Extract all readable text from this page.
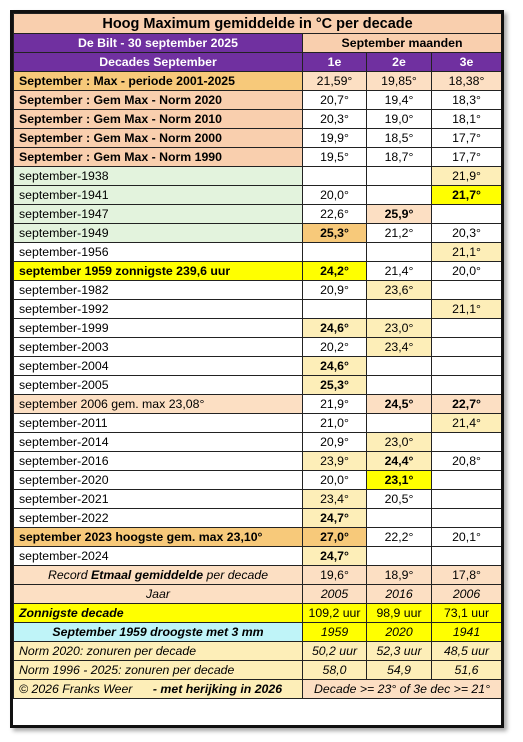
Hoog Maximum gemiddelde in °C per decade			
De Bilt - 30 september 2025	September maanden		
Decades September	1e	2e	3e
September : Max - periode 2001-2025	21,59°	19,85°	18,38°
September : Gem Max - Norm 2020	20,7°	19,4°	18,3°
September : Gem Max - Norm 2010	20,3°	19,0°	18,1°
September : Gem Max - Norm 2000	19,9°	18,5°	17,7°
September : Gem Max - Norm 1990	19,5°	18,7°	17,7°
september-1938			21,9°
september-1941	20,0°		21,7°
september-1947	22,6°	25,9°	
september-1949	25,3°	21,2°	20,3°
september-1956			21,1°
september 1959 zonnigste 239,6 uur	24,2°	21,4°	20,0°
september-1982	20,9°	23,6°	
september-1992			21,1°
september-1999	24,6°	23,0°	
september-2003	20,2°	23,4°	
september-2004	24,6°		
september-2005	25,3°		
september 2006 gem. max 23,08°	21,9°	24,5°	22,7°
september-2011	21,0°		21,4°
september-2014	20,9°	23,0°	
september-2016	23,9°	24,4°	20,8°
september-2020	20,0°	23,1°	
september-2021	23,4°	20,5°	
september-2022	24,7°		
september 2023 hoogste gem. max 23,10°	27,0°	22,2°	20,1°
september-2024	24,7°		
Record Etmaal gemiddelde per decade	19,6°	18,9°	17,8°
Jaar	2005	2016	2006
Zonnigste decade	109,2 uur	98,9 uur	73,1 uur
September 1959 droogste met 3 mm	1959	2020	1941
Norm 2020: zonuren per decade	50,2 uur	52,3 uur	48,5 uur
Norm 1996 - 2025: zonuren per decade	58,0	54,9	51,6
© 2026 Franks Weer - met herijking in 2026	Decade >= 23° of 3e dec >= 21°		
